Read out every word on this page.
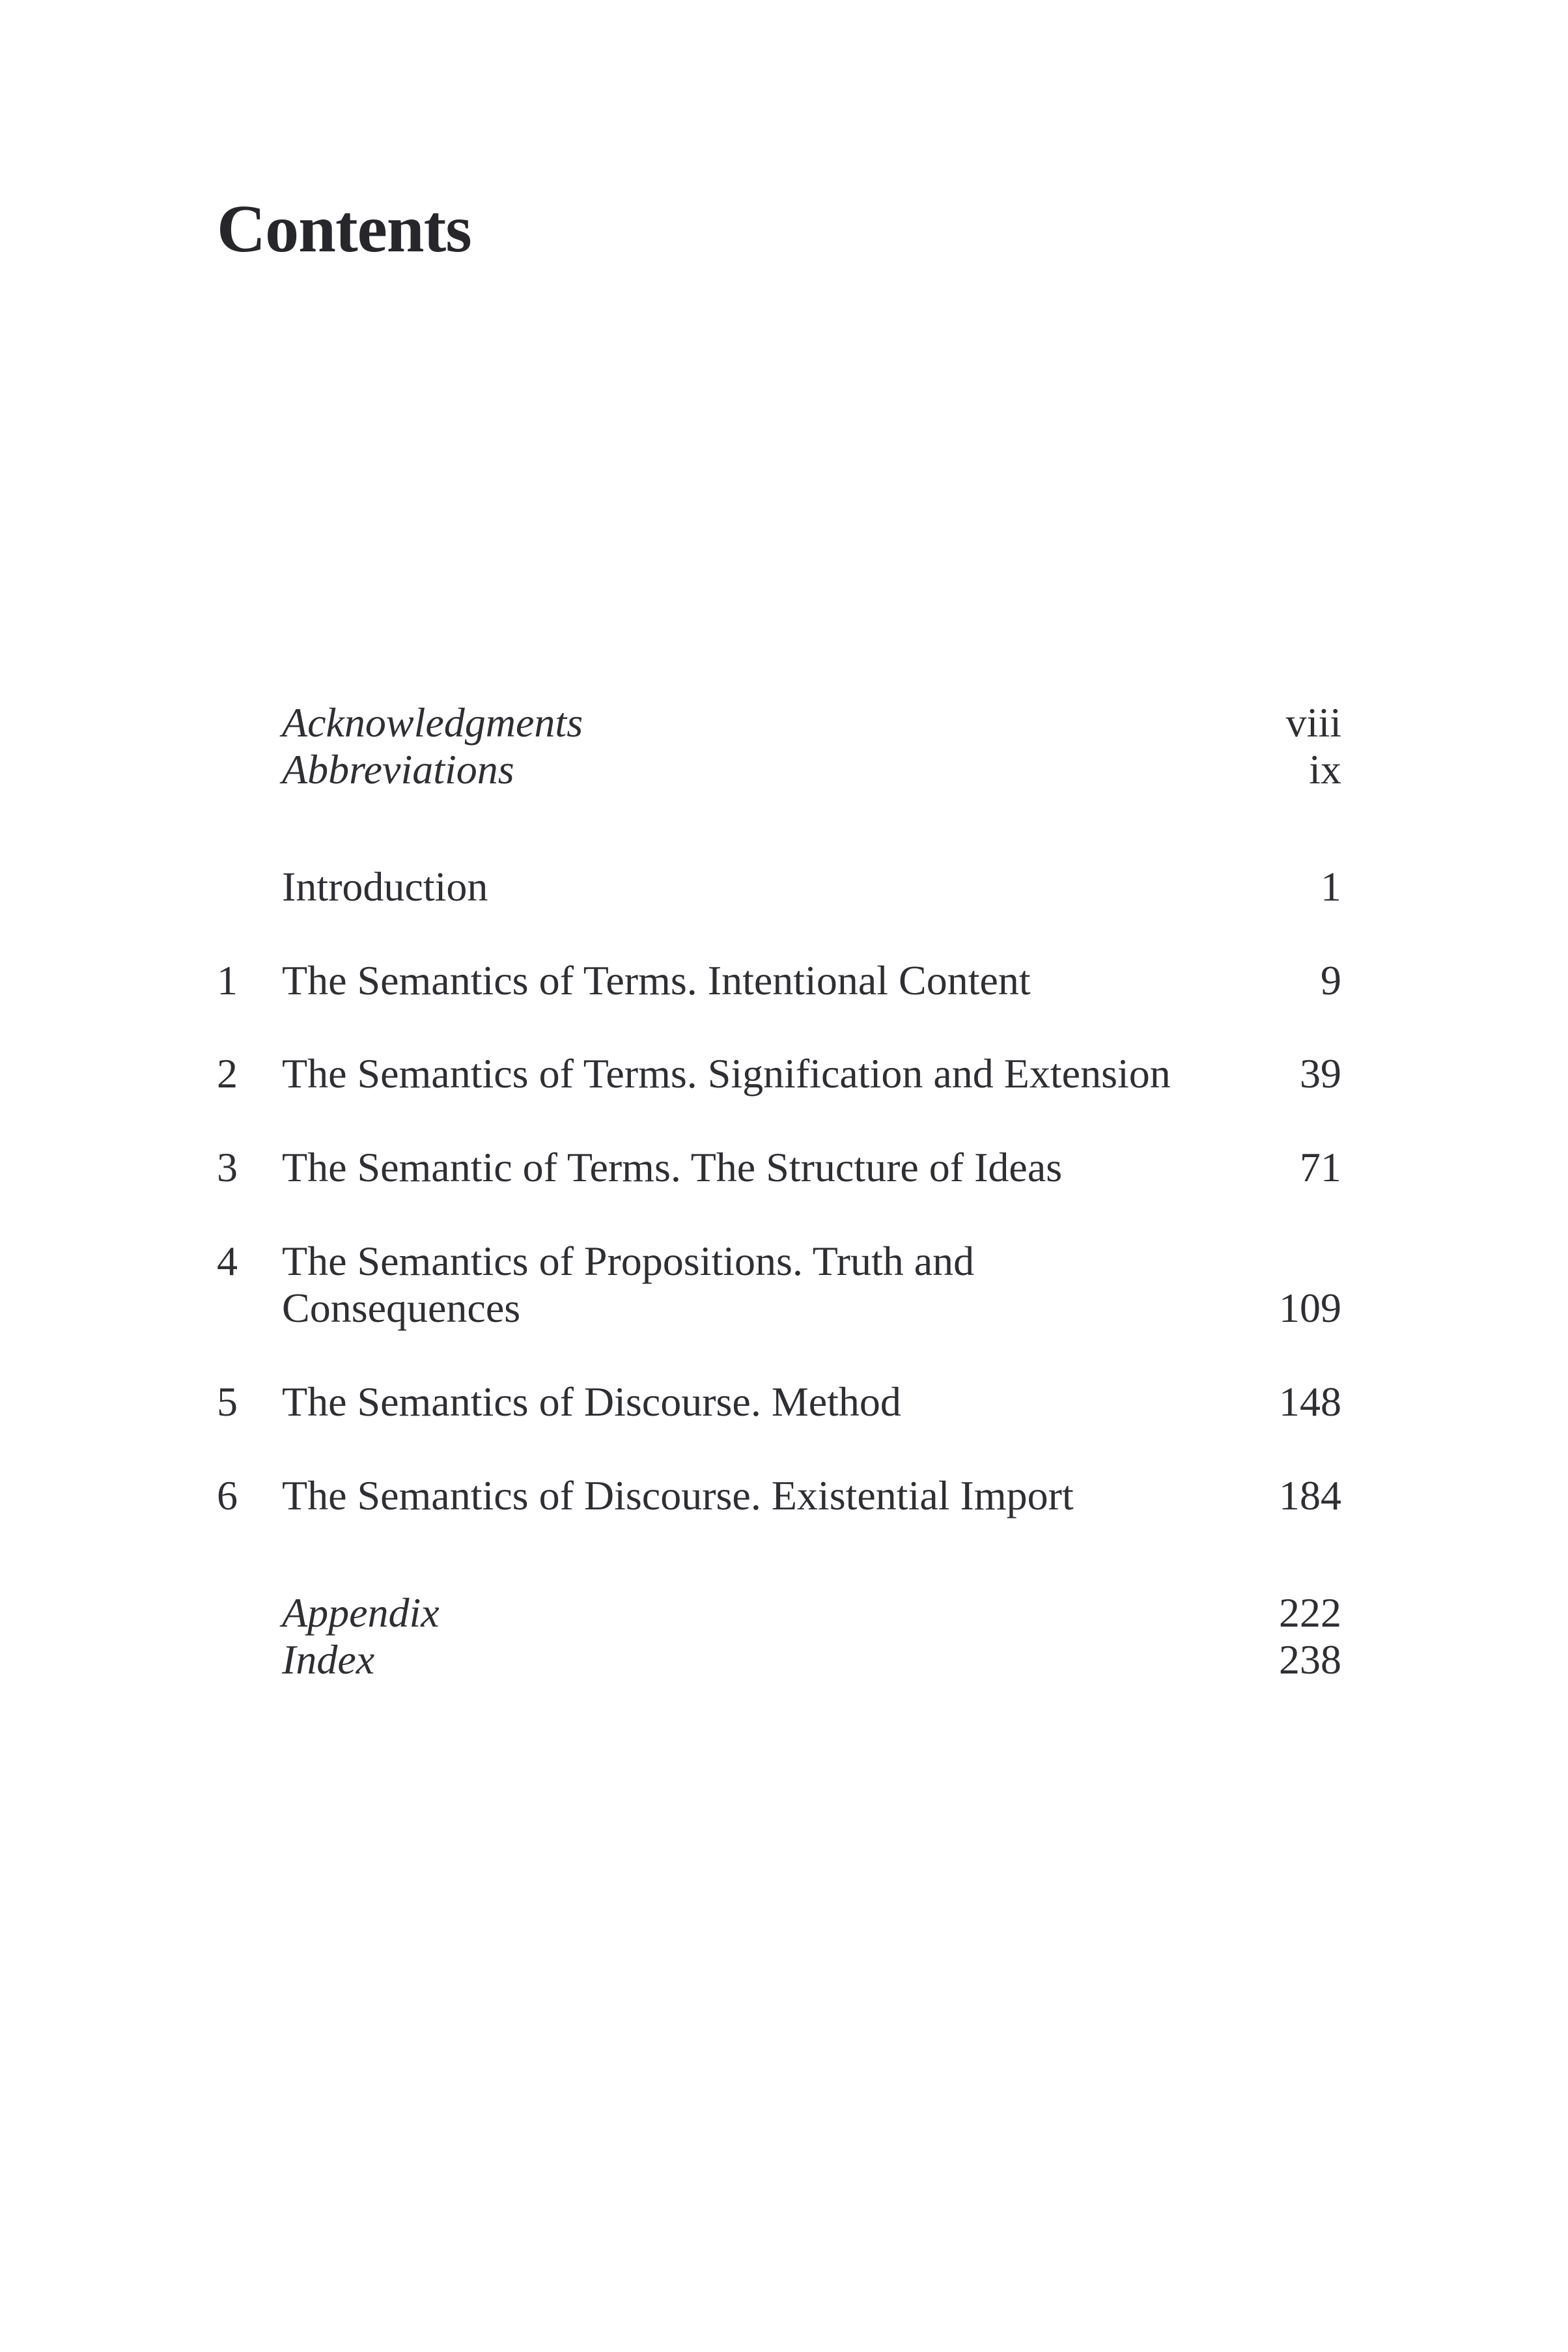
Contents
Acknowledgments	viii
Abbreviations	ix
Introduction	1
1 The Semantics of Terms. Intentional Content	9
2 The Semantics of Terms. Signification and Extension	39
3 The Semantic of Terms. The Structure of Ideas	71
4 The Semantics of Propositions. Truth and
Consequences	109
5 The Semantics of Discourse. Method	148
6 The Semantics of Discourse. Existential Import	184
Appendix	222
Index	238
